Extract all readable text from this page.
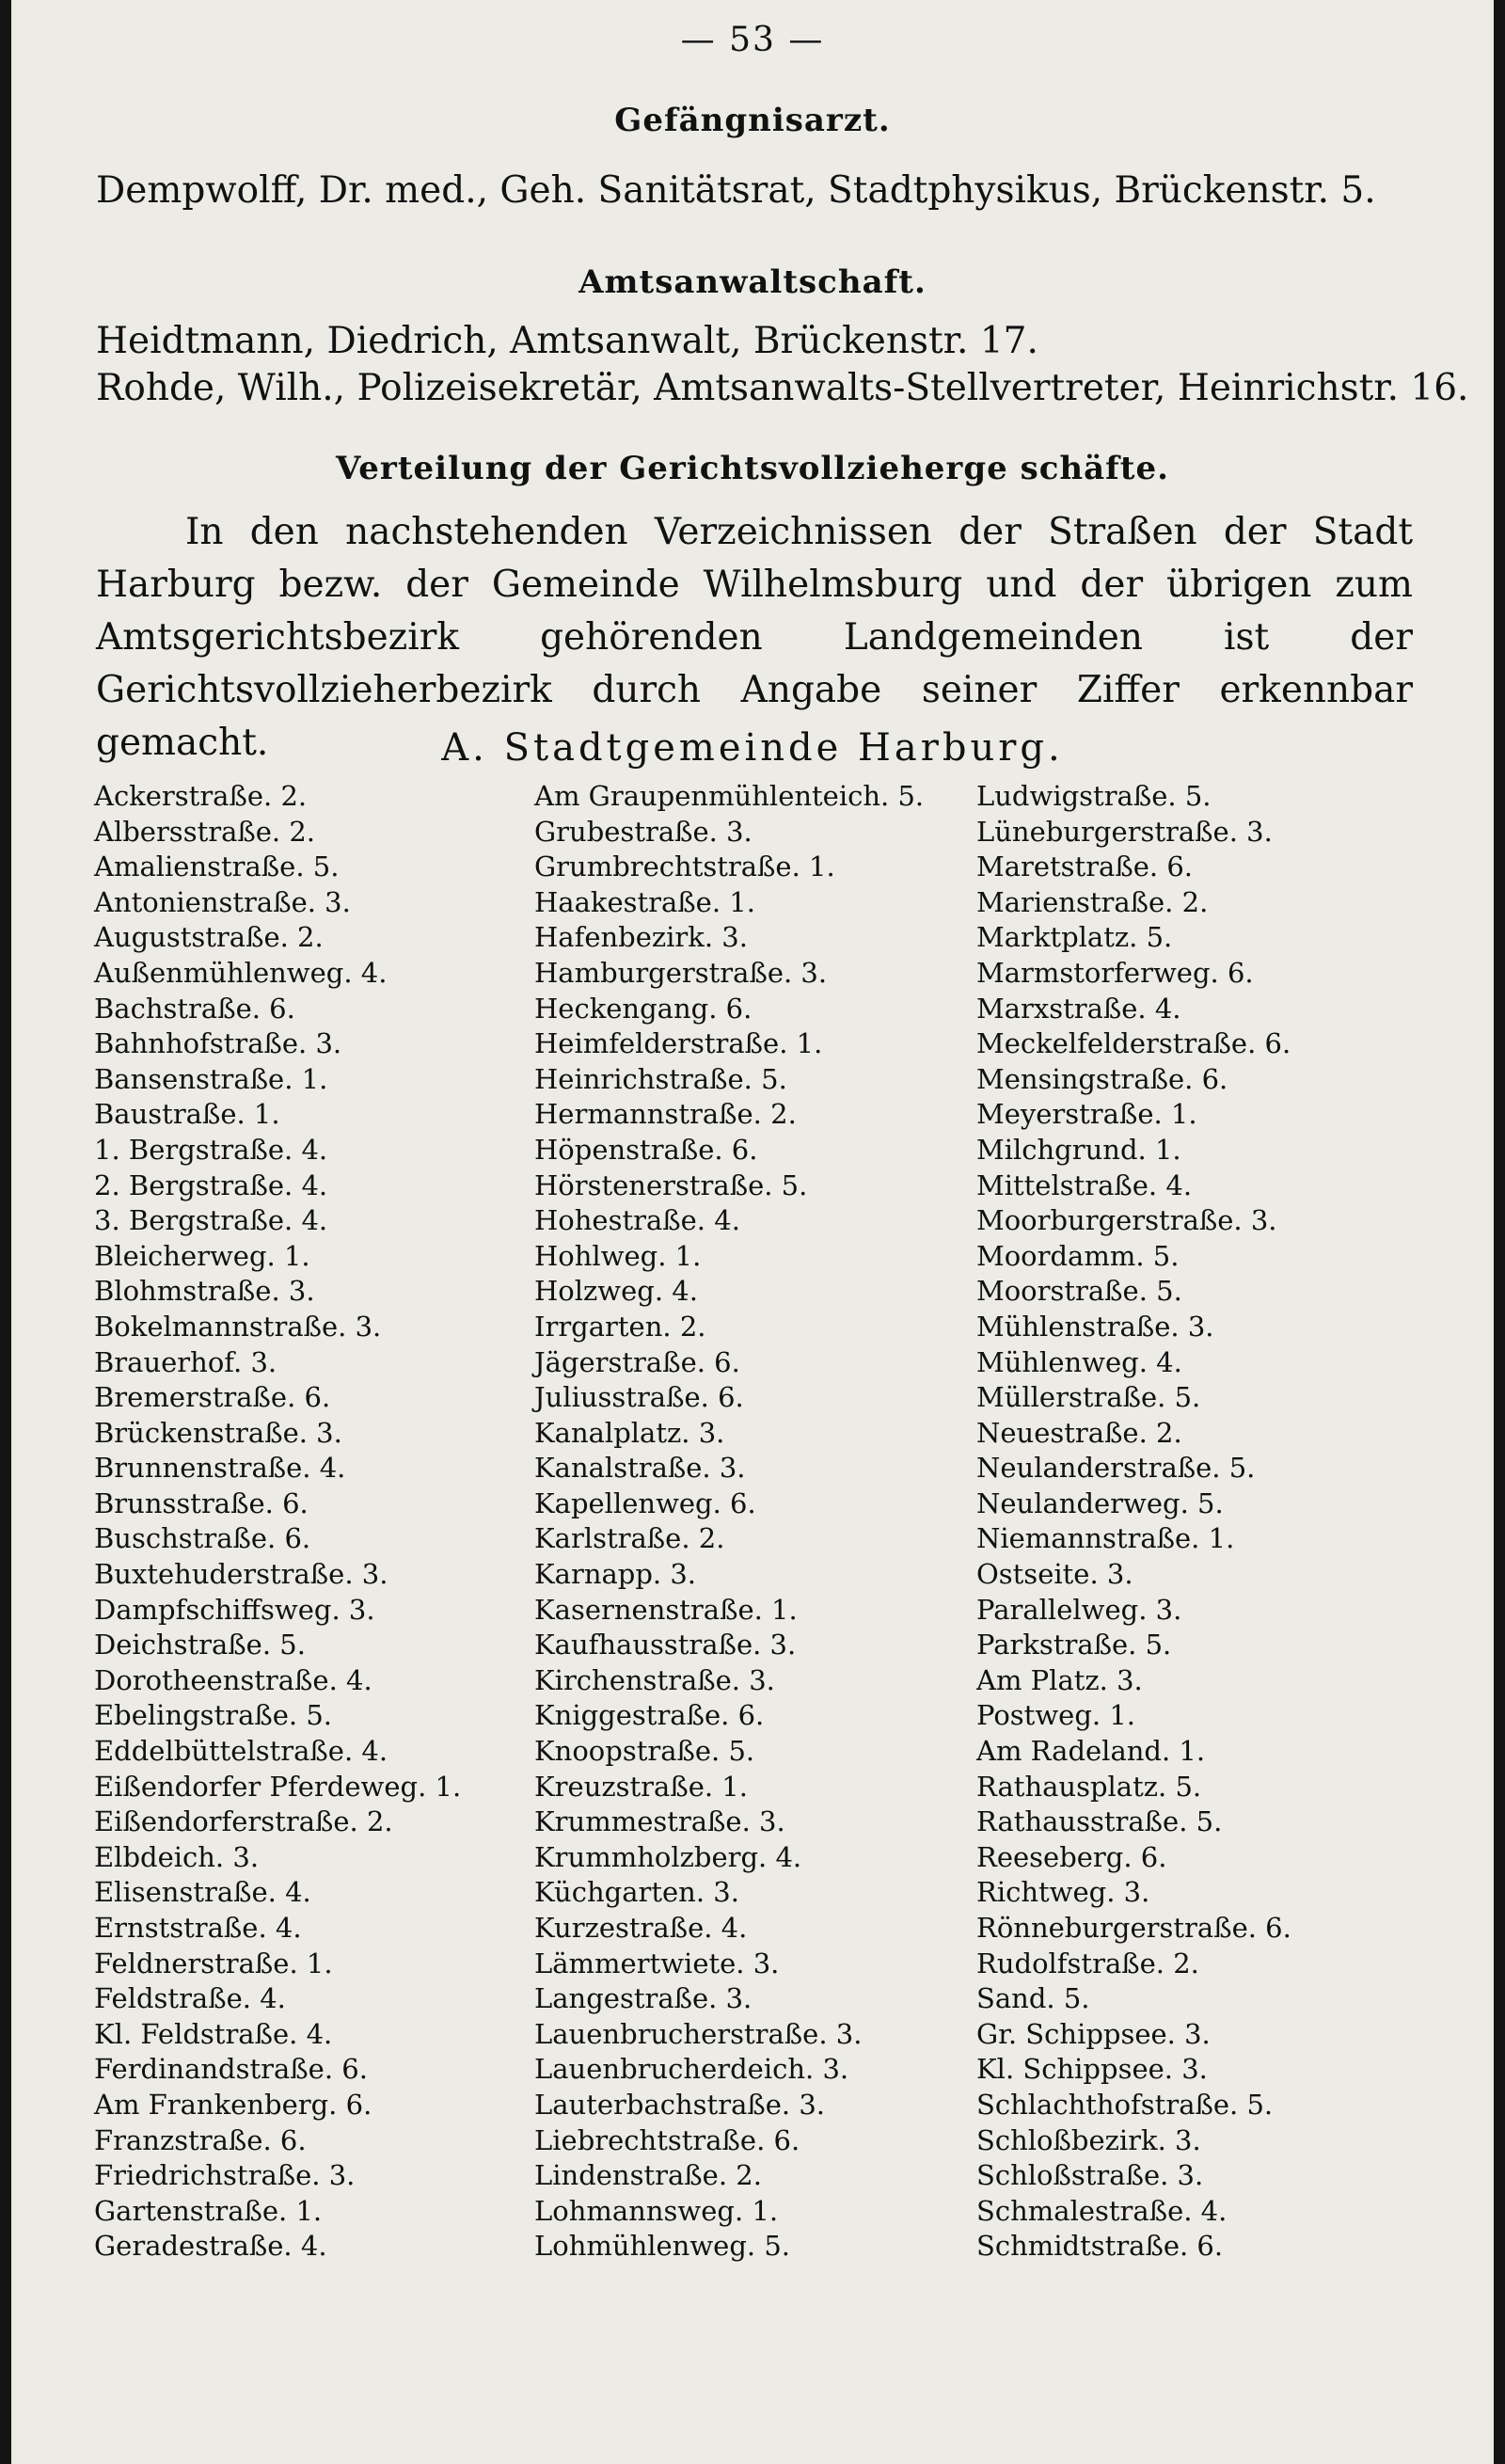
— 53 —
Gefängnisarzt.
Dempwolff, Dr. med., Geh. Sanitätsrat, Stadtphysikus, Brückenstr. 5.
Amtsanwaltschaft.
Heidtmann, Diedrich, Amtsanwalt, Brückenstr. 17.
Rohde, Wilh., Polizeisekretär, Amtsanwalts-Stellvertreter, Heinrichstr. 16.
Verteilung der Gerichtsvollzieherge schäfte.
In den nachstehenden Verzeichnissen der Straßen der Stadt Harburg bezw. der Gemeinde Wilhelmsburg und der übrigen zum Amtsgerichtsbezirk gehörenden Landgemeinden ist der Gerichtsvollzieherbezirk durch Angabe seiner Ziffer erkennbar gemacht.	A. Stadtgemeinde Harburg.
Ackerstraße. 2.
Albersstraße. 2.
Amalienstraße. 5.
Antonienstraße. 3.
Auguststraße. 2.
Außenmühlenweg. 4.
Bachstraße. 6.
Bahnhofstraße. 3.
Bansenstraße. 1.
Baustraße. 1.
1. Bergstraße. 4.
2. Bergstraße. 4.
3. Bergstraße. 4.
Bleicherweg. 1.
Blohmstraße. 3.
Bokelmannstraße. 3.
Brauerhof. 3.
Bremerstraße. 6.
Brückenstraße. 3.
Brunnenstraße. 4.
Brunsstraße. 6.
Buschstraße. 6.
Buxtehuderstraße. 3.
Dampfschiffsweg. 3.
Deichstraße. 5.
Dorotheenstraße. 4.
Ebelingstraße. 5.
Eddelbüttelstraße. 4.
Eißendorfer Pferdeweg. 1.
Eißendorferstraße. 2.
Elbdeich. 3.
Elisenstraße. 4.
Ernststraße. 4.
Feldnerstraße. 1.
Feldstraße. 4.
Kl. Feldstraße. 4.
Ferdinandstraße. 6.
Am Frankenberg. 6.
Franzstraße. 6.
Friedrichstraße. 3.
Gartenstraße. 1.
Geradestraße. 4.
Am Graupenmühlenteich. 5.
Grubestraße. 3.
Grumbrechtstraße. 1.
Haakestraße. 1.
Hafenbezirk. 3.
Hamburgerstraße. 3.
Heckengang. 6.
Heimfelderstraße. 1.
Heinrichstraße. 5.
Hermannstraße. 2.
Höpenstraße. 6.
Hörstenerstraße. 5.
Hohestraße. 4.
Hohlweg. 1.
Holzweg. 4.
Irrgarten. 2.
Jägerstraße. 6.
Juliusstraße. 6.
Kanalplatz. 3.
Kanalstraße. 3.
Kapellenweg. 6.
Karlstraße. 2.
Karnapp. 3.
Kasernenstraße. 1.
Kaufhausstraße. 3.
Kirchenstraße. 3.
Kniggestraße. 6.
Knoopstraße. 5.
Kreuzstraße. 1.
Krummestraße. 3.
Krummholzberg. 4.
Küchgarten. 3.
Kurzestraße. 4.
Lämmertwiete. 3.
Langestraße. 3.
Lauenbrucherstraße. 3.
Lauenbrucherdeich. 3.
Lauterbachstraße. 3.
Liebrechtstraße. 6.
Lindenstraße. 2.
Lohmannsweg. 1.
Lohmühlenweg. 5.
Ludwigstraße. 5.
Lüneburgerstraße. 3.
Maretstraße. 6.
Marienstraße. 2.
Marktplatz. 5.
Marmstorferweg. 6.
Marxstraße. 4.
Meckelfelderstraße. 6.
Mensingstraße. 6.
Meyerstraße. 1.
Milchgrund. 1.
Mittelstraße. 4.
Moorburgerstraße. 3.
Moordamm. 5.
Moorstraße. 5.
Mühlenstraße. 3.
Mühlenweg. 4.
Müllerstraße. 5.
Neuestraße. 2.
Neulanderstraße. 5.
Neulanderweg. 5.
Niemannstraße. 1.
Ostseite. 3.
Parallelweg. 3.
Parkstraße. 5.
Am Platz. 3.
Postweg. 1.
Am Radeland. 1.
Rathausplatz. 5.
Rathausstraße. 5.
Reeseberg. 6.
Richtweg. 3.
Rönneburgerstraße. 6.
Rudolfstraße. 2.
Sand. 5.
Gr. Schippsee. 3.
Kl. Schippsee. 3.
Schlachthofstraße. 5.
Schloßbezirk. 3.
Schloßstraße. 3.
Schmalestraße. 4.
Schmidtstraße. 6.
